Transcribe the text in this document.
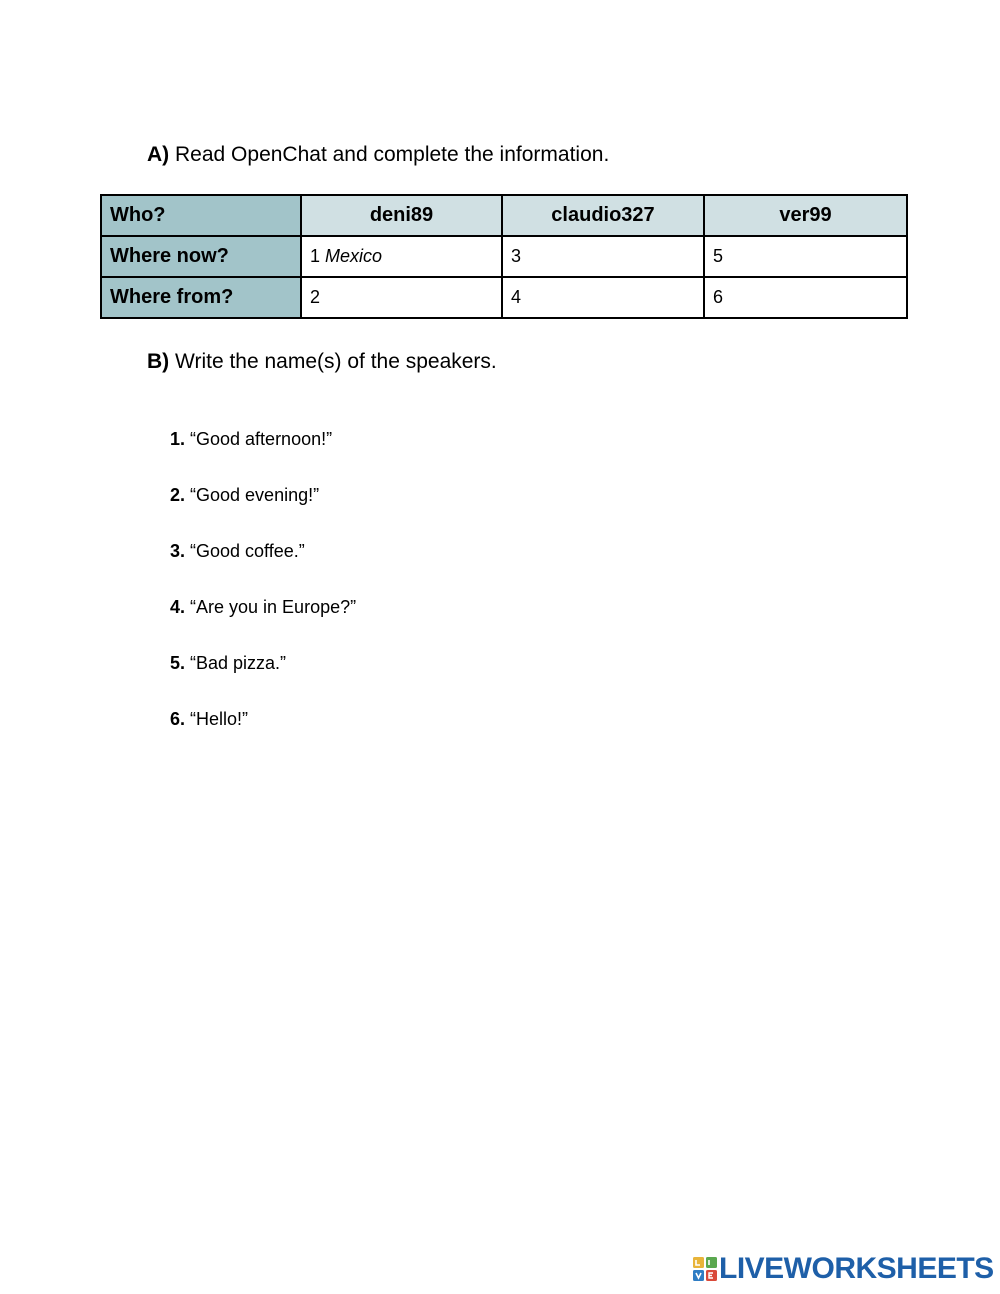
A) Read OpenChat and complete the information.
Who?	deni89	claudio327	ver99
Where now?	1 Mexico	3	5
Where from?	2	4	6
B) Write the name(s) of the speakers.
1. “Good afternoon!”
2. “Good evening!”
3. “Good coffee.”
4. “Are you in Europe?”
5. “Bad pizza.”
6. “Hello!”
LIVEWORKSHEETS
